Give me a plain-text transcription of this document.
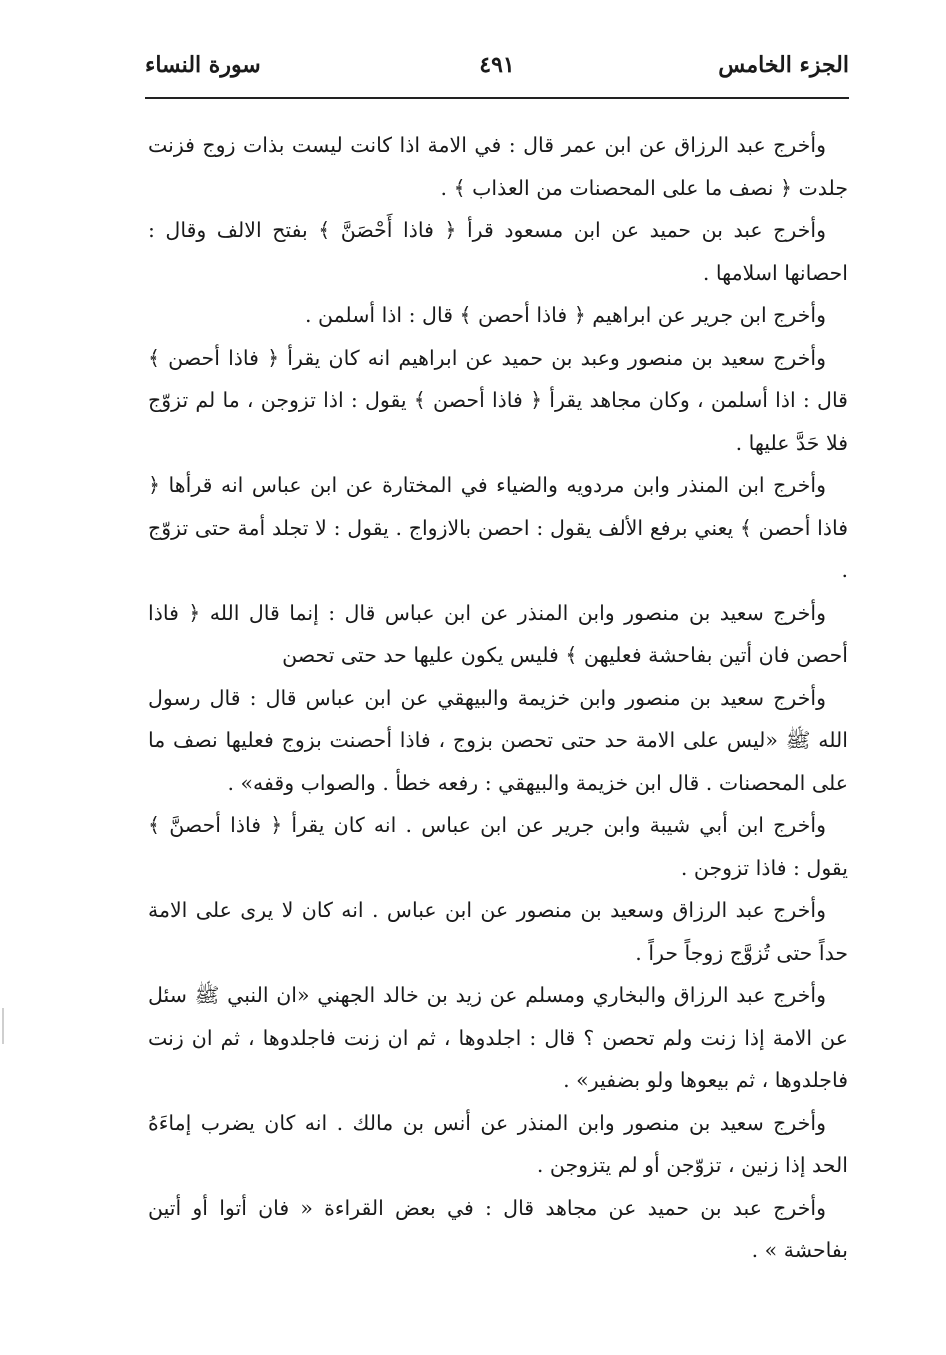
الجزء الخامس
٤٩١
سورة النساء

وأخرج عبد الرزاق عن ابن عمر قال : في الامة اذا كانت ليست بذات زوج فزنت جلدت ﴿ نصف ما على المحصنات من العذاب ﴾ .

وأخرج عبد بن حميد عن ابن مسعود قرأ ﴿ فاذا أَحْصَنَّ ﴾ بفتح الالف وقال : احصانها اسلامها .

وأخرج ابن جرير عن ابراهيم ﴿ فاذا أحصن ﴾ قال : اذا أسلمن .

وأخرج سعيد بن منصور وعبد بن حميد عن ابراهيم انه كان يقرأ ﴿ فاذا أحصن ﴾ قال : اذا أسلمن ، وكان مجاهد يقرأ ﴿ فاذا أحصن ﴾ يقول : اذا تزوجن ، ما لم تزوّج فلا حَدَّ عليها .

وأخرج ابن المنذر وابن مردويه والضياء في المختارة عن ابن عباس انه قرأها ﴿ فاذا أحصن ﴾ يعني برفع الألف يقول : احصن بالازواج . يقول : لا تجلد أمة حتى تزوّج .

وأخرج سعيد بن منصور وابن المنذر عن ابن عباس قال : إنما قال الله ﴿ فاذا أحصن فان أتين بفاحشة فعليهن ﴾ فليس يكون عليها حد حتى تحصن

وأخرج سعيد بن منصور وابن خزيمة والبيهقي عن ابن عباس قال : قال رسول الله ﷺ «ليس على الامة حد حتى تحصن بزوج ، فاذا أحصنت بزوج فعليها نصف ما على المحصنات . قال ابن خزيمة والبيهقي : رفعه خطأ . والصواب وقفه» .

وأخرج ابن أبي شيبة وابن جرير عن ابن عباس . انه كان يقرأ ﴿ فاذا أحصنَّ ﴾ يقول : فاذا تزوجن .

وأخرج عبد الرزاق وسعيد بن منصور عن ابن عباس . انه كان لا يرى على الامة حداً حتى تُزوَّج زوجاً حراً .

وأخرج عبد الرزاق والبخاري ومسلم عن زيد بن خالد الجهني «ان النبي ﷺ سئل عن الامة إذا زنت ولم تحصن ؟ قال : اجلدوها ، ثم ان زنت فاجلدوها ، ثم ان زنت فاجلدوها ، ثم بيعوها ولو بضفير» .

وأخرج سعيد بن منصور وابن المنذر عن أنس بن مالك . انه كان يضرب إماءَهُ الحد إذا زنين ، تزوّجن أو لم يتزوجن .

وأخرج عبد بن حميد عن مجاهد قال : في بعض القراءة « فان أتوا أو أتين بفاحشة » .
